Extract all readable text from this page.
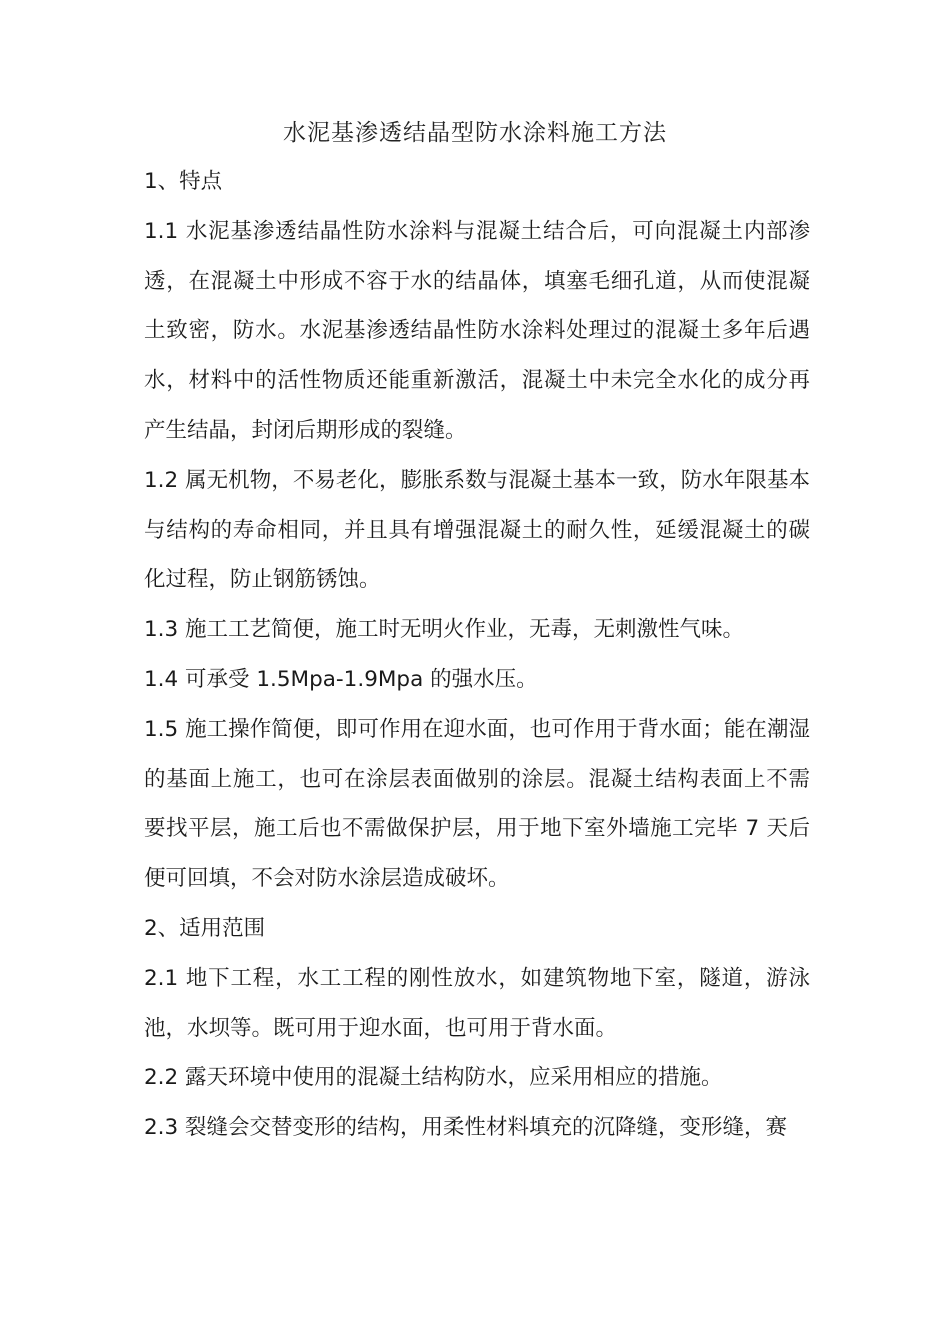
水泥基渗透结晶型防水涂料施工方法

1、特点

1.1 水泥基渗透结晶性防水涂料与混凝土结合后，可向混凝土内部渗透，在混凝土中形成不容于水的结晶体，填塞毛细孔道，从而使混凝土致密，防水。水泥基渗透结晶性防水涂料处理过的混凝土多年后遇水，材料中的活性物质还能重新激活，混凝土中未完全水化的成分再产生结晶，封闭后期形成的裂缝。

1.2 属无机物，不易老化，膨胀系数与混凝土基本一致，防水年限基本与结构的寿命相同，并且具有增强混凝土的耐久性，延缓混凝土的碳化过程，防止钢筋锈蚀。

1.3 施工工艺简便，施工时无明火作业，无毒，无刺激性气味。

1.4 可承受 1.5Mpa-1.9Mpa 的强水压。

1.5 施工操作简便，即可作用在迎水面，也可作用于背水面；能在潮湿的基面上施工，也可在涂层表面做别的涂层。混凝土结构表面上不需要找平层，施工后也不需做保护层，用于地下室外墙施工完毕 7 天后便可回填，不会对防水涂层造成破坏。

2、适用范围

2.1 地下工程，水工工程的刚性放水，如建筑物地下室，隧道，游泳池，水坝等。既可用于迎水面，也可用于背水面。

2.2 露天环境中使用的混凝土结构防水，应采用相应的措施。

2.3 裂缝会交替变形的结构，用柔性材料填充的沉降缝，变形缝，赛
